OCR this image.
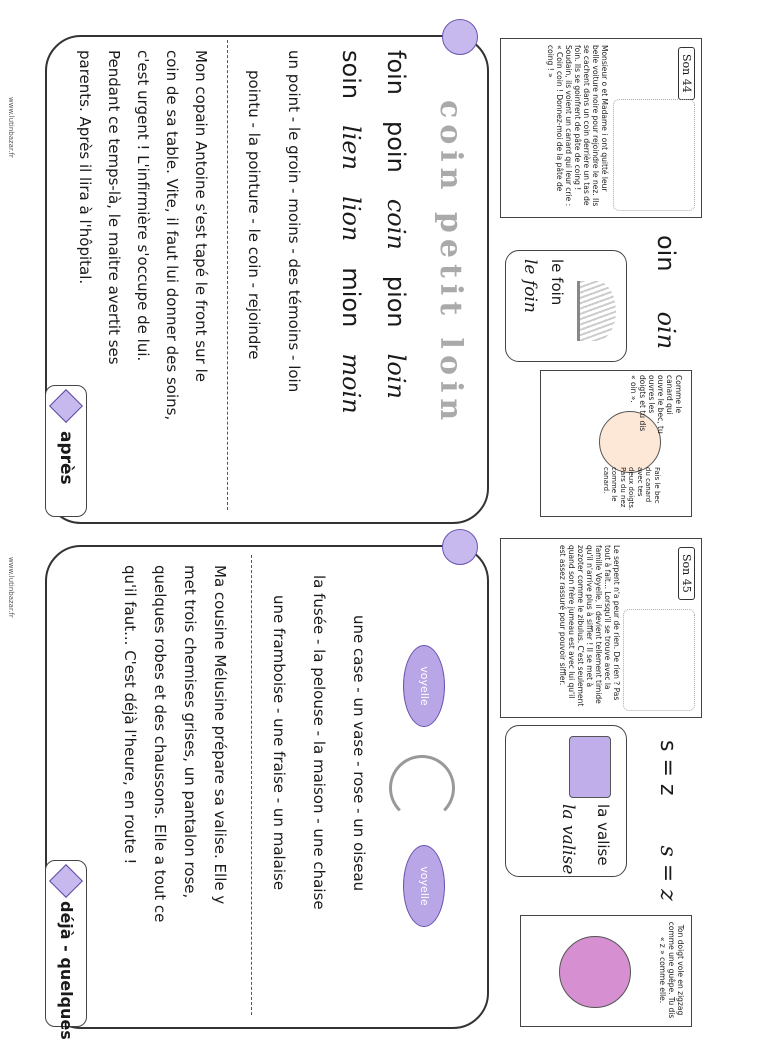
www.lutinbazar.fr	coin petit loin
foin
poin
coin
pion
loin
soin
lien
lion
mion
moin
un point - le groin - moins - des témoins - loin
pointu - la pointure - le coin - rejoindre
Mon copain Antoine s'est tapé le front sur le
coin de sa table. Vite, il faut lui donner des soins,
c'est urgent ! L'infirmière s'occupe de lui.
Pendant ce temps-là, le maitre avertit ses
parents. Après il lira à l'hôpital.
après
www.lutinbazar.fr
voyelle
voyelle
une case - un vase - rose - un oiseau
la fusée - la pelouse - la maison - une chaise
une framboise - une fraise - un malaise
Ma cousine Mélusine prépare sa valise. Elle y
met trois chemises grises, un pantalon rose,
quelques robes et des chaussons. Elle a tout ce
qu'il faut... C'est déjà l'heure, en route !
déjà - quelques
Son 44
Monsieur o et Madame i ont quitté leur belle voiture noire pour rejoindre le nez. Ils se cachent dans un coin derrière un tas de foin. Ils se goinfrent de pâte de coing ! Soudain, ils voient un canard qui leur crie : « Coin coin ! Donnez-moi de la pâte de coing ! »
oin
oin
le foin
le foin
Comme le canard qui ouvre le bec, tu ouvres les doigts et tu dis « oin ».
Fais le bec du canard avec tes deux doigts. Pars du nez comme le canard.
Son 45
Le serpent n'a peur de rien. De rien ? Pas tout à fait... Lorsqu'il se trouve avec la famille Voyelle, il devient tellement timide qu'il n'arrive plus à siffler ! Il se met à zozoter comme le zibulus. C'est seulement quand son frère jumeau est avec lui qu'il est assez rassuré pour pouvoir siffler.
s = z
s = z
la valise
la valise
Ton doigt vole en zigzag comme une guêpe. Tu dis « z » comme elle.
